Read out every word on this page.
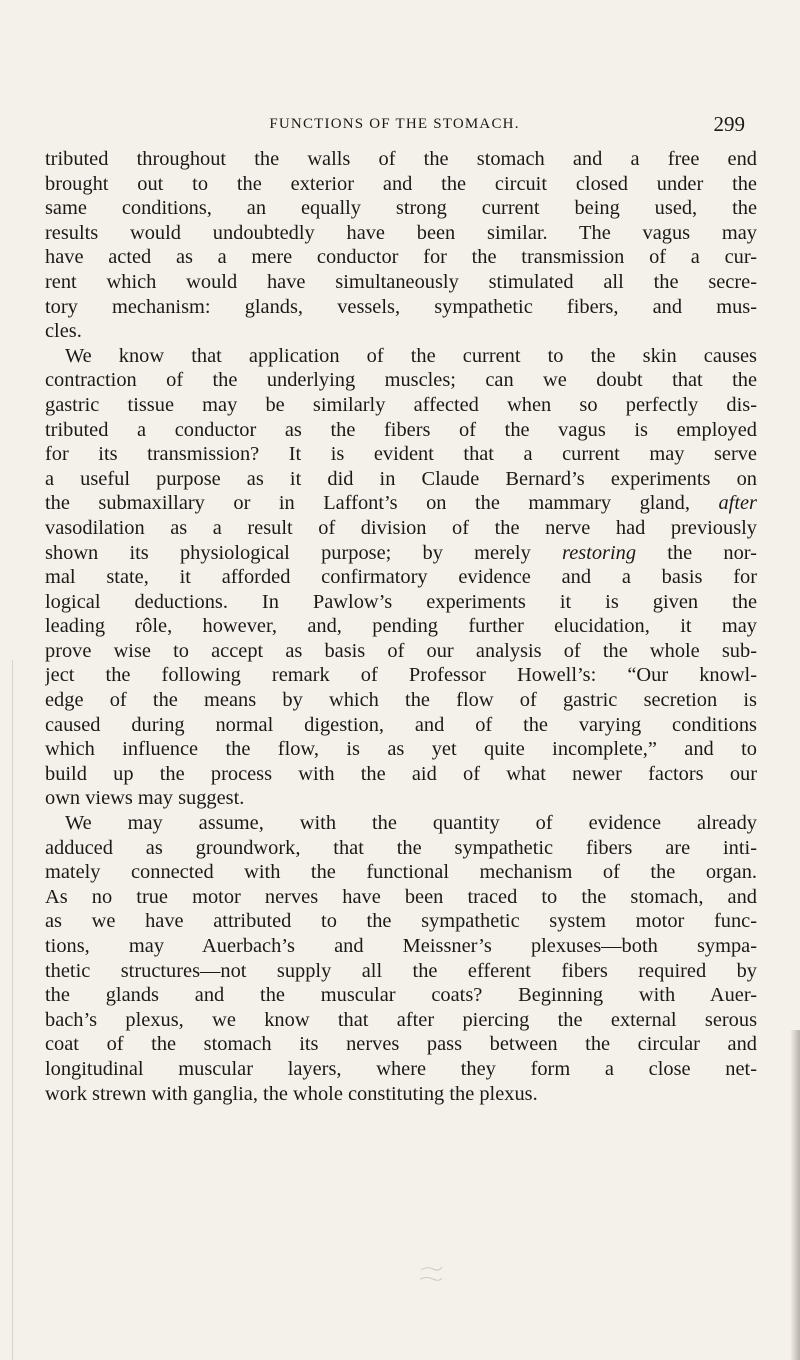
FUNCTIONS OF THE STOMACH.	299

tributed throughout the walls of the stomach and a free end
brought out to the exterior and the circuit closed under the
same conditions, an equally strong current being used, the
results would undoubtedly have been similar. The vagus may
have acted as a mere conductor for the transmission of a cur-
rent which would have simultaneously stimulated all the secre-
tory mechanism: glands, vessels, sympathetic fibers, and mus-
cles.

We know that application of the current to the skin causes
contraction of the underlying muscles; can we doubt that the
gastric tissue may be similarly affected when so perfectly dis-
tributed a conductor as the fibers of the vagus is employed
for its transmission? It is evident that a current may serve
a useful purpose as it did in Claude Bernard’s experiments on
the submaxillary or in Laffont’s on the mammary gland, after
vasodilation as a result of division of the nerve had previously
shown its physiological purpose; by merely restoring the nor-
mal state, it afforded confirmatory evidence and a basis for
logical deductions. In Pawlow’s experiments it is given the
leading rôle, however, and, pending further elucidation, it may
prove wise to accept as basis of our analysis of the whole sub-
ject the following remark of Professor Howell’s: “Our knowl-
edge of the means by which the flow of gastric secretion is
caused during normal digestion, and of the varying conditions
which influence the flow, is as yet quite incomplete,” and to
build up the process with the aid of what newer factors our
own views may suggest.

We may assume, with the quantity of evidence already
adduced as groundwork, that the sympathetic fibers are inti-
mately connected with the functional mechanism of the organ.
As no true motor nerves have been traced to the stomach, and
as we have attributed to the sympathetic system motor func-
tions, may Auerbach’s and Meissner’s plexuses—both sympa-
thetic structures—not supply all the efferent fibers required by
the glands and the muscular coats? Beginning with Auer-
bach’s plexus, we know that after piercing the external serous
coat of the stomach its nerves pass between the circular and
longitudinal muscular layers, where they form a close net-
work strewn with ganglia, the whole constituting the plexus.
